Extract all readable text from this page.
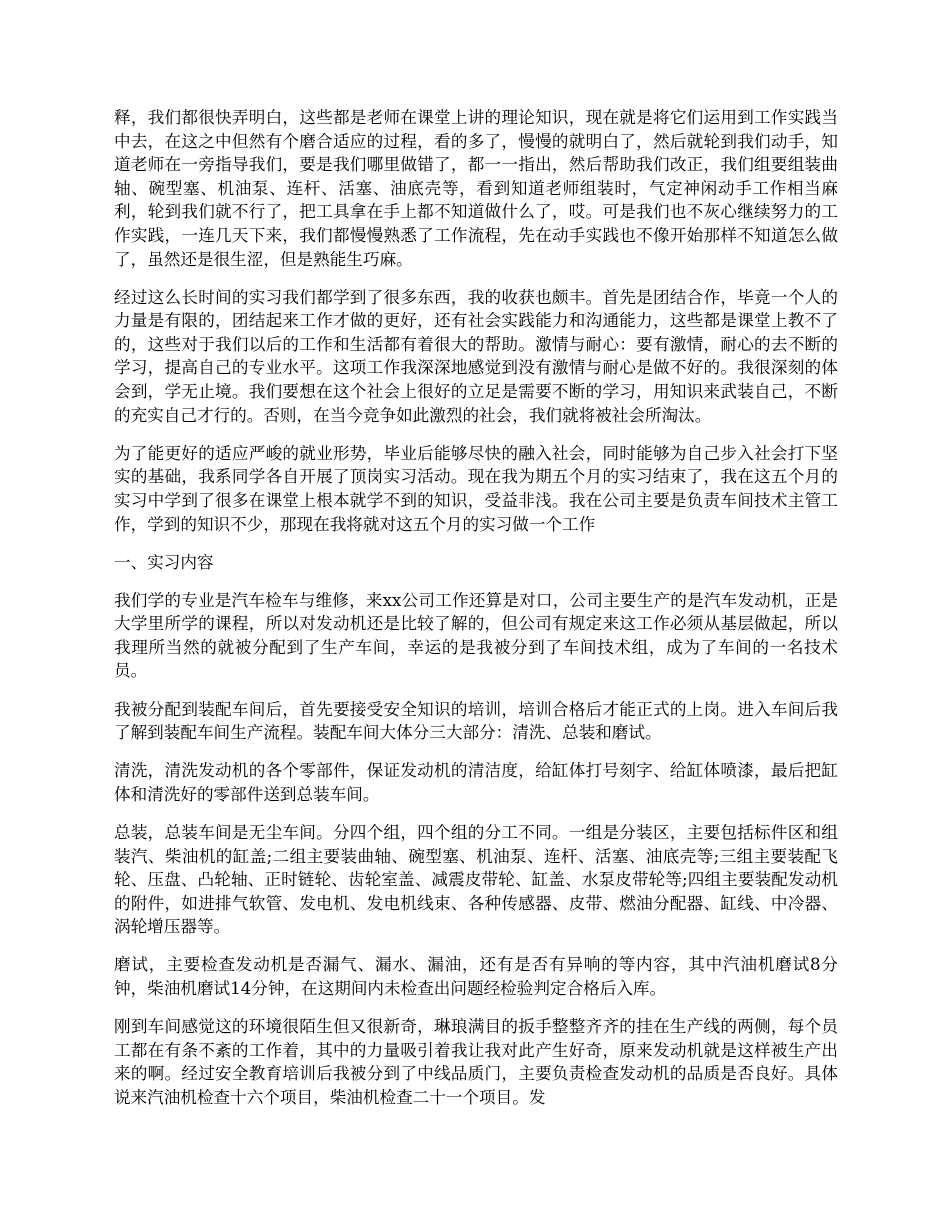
释，我们都很快弄明白，这些都是老师在课堂上讲的理论知识，现在就是将它们运用到工作实践当中去，在这之中但然有个磨合适应的过程，看的多了，慢慢的就明白了，然后就轮到我们动手，知道老师在一旁指导我们，要是我们哪里做错了，都一一指出，然后帮助我们改正，我们组要组装曲轴、碗型塞、机油泵、连杆、活塞、油底壳等，看到知道老师组装时，气定神闲动手工作相当麻利，轮到我们就不行了，把工具拿在手上都不知道做什么了，哎。可是我们也不灰心继续努力的工作实践，一连几天下来，我们都慢慢熟悉了工作流程，先在动手实践也不像开始那样不知道怎么做了，虽然还是很生涩，但是熟能生巧麻。

经过这么长时间的实习我们都学到了很多东西，我的收获也颇丰。首先是团结合作，毕竟一个人的力量是有限的，团结起来工作才做的更好，还有社会实践能力和沟通能力，这些都是课堂上教不了的，这些对于我们以后的工作和生活都有着很大的帮助。激情与耐心：要有激情，耐心的去不断的学习，提高自己的专业水平。这项工作我深深地感觉到没有激情与耐心是做不好的。我很深刻的体会到，学无止境。我们要想在这个社会上很好的立足是需要不断的学习，用知识来武装自己，不断的充实自己才行的。否则，在当今竞争如此激烈的社会，我们就将被社会所淘汰。

为了能更好的适应严峻的就业形势，毕业后能够尽快的融入社会，同时能够为自己步入社会打下坚实的基础，我系同学各自开展了顶岗实习活动。现在我为期五个月的实习结束了，我在这五个月的实习中学到了很多在课堂上根本就学不到的知识，受益非浅。我在公司主要是负责车间技术主管工作，学到的知识不少，那现在我将就对这五个月的实习做一个工作

一、实习内容

我们学的专业是汽车检车与维修，来xx公司工作还算是对口，公司主要生产的是汽车发动机，正是大学里所学的课程，所以对发动机还是比较了解的，但公司有规定来这工作必须从基层做起，所以我理所当然的就被分配到了生产车间，幸运的是我被分到了车间技术组，成为了车间的一名技术员。

我被分配到装配车间后，首先要接受安全知识的培训，培训合格后才能正式的上岗。进入车间后我了解到装配车间生产流程。装配车间大体分三大部分：清洗、总装和磨试。

清洗，清洗发动机的各个零部件，保证发动机的清洁度，给缸体打号刻字、给缸体喷漆，最后把缸体和清洗好的零部件送到总装车间。

总装，总装车间是无尘车间。分四个组，四个组的分工不同。一组是分装区，主要包括标件区和组装汽、柴油机的缸盖;二组主要装曲轴、碗型塞、机油泵、连杆、活塞、油底壳等;三组主要装配飞轮、压盘、凸轮轴、正时链轮、齿轮室盖、减震皮带轮、缸盖、水泵皮带轮等;四组主要装配发动机的附件，如进排气软管、发电机、发电机线束、各种传感器、皮带、燃油分配器、缸线、中冷器、涡轮增压器等。

磨试，主要检查发动机是否漏气、漏水、漏油，还有是否有异响的等内容，其中汽油机磨试8分钟，柴油机磨试14分钟，在这期间内未检查出问题经检验判定合格后入库。

刚到车间感觉这的环境很陌生但又很新奇，琳琅满目的扳手整整齐齐的挂在生产线的两侧，每个员工都在有条不紊的工作着，其中的力量吸引着我让我对此产生好奇，原来发动机就是这样被生产出来的啊。经过安全教育培训后我被分到了中线品质门，主要负责检查发动机的品质是否良好。具体说来汽油机检查十六个项目，柴油机检查二十一个项目。发
